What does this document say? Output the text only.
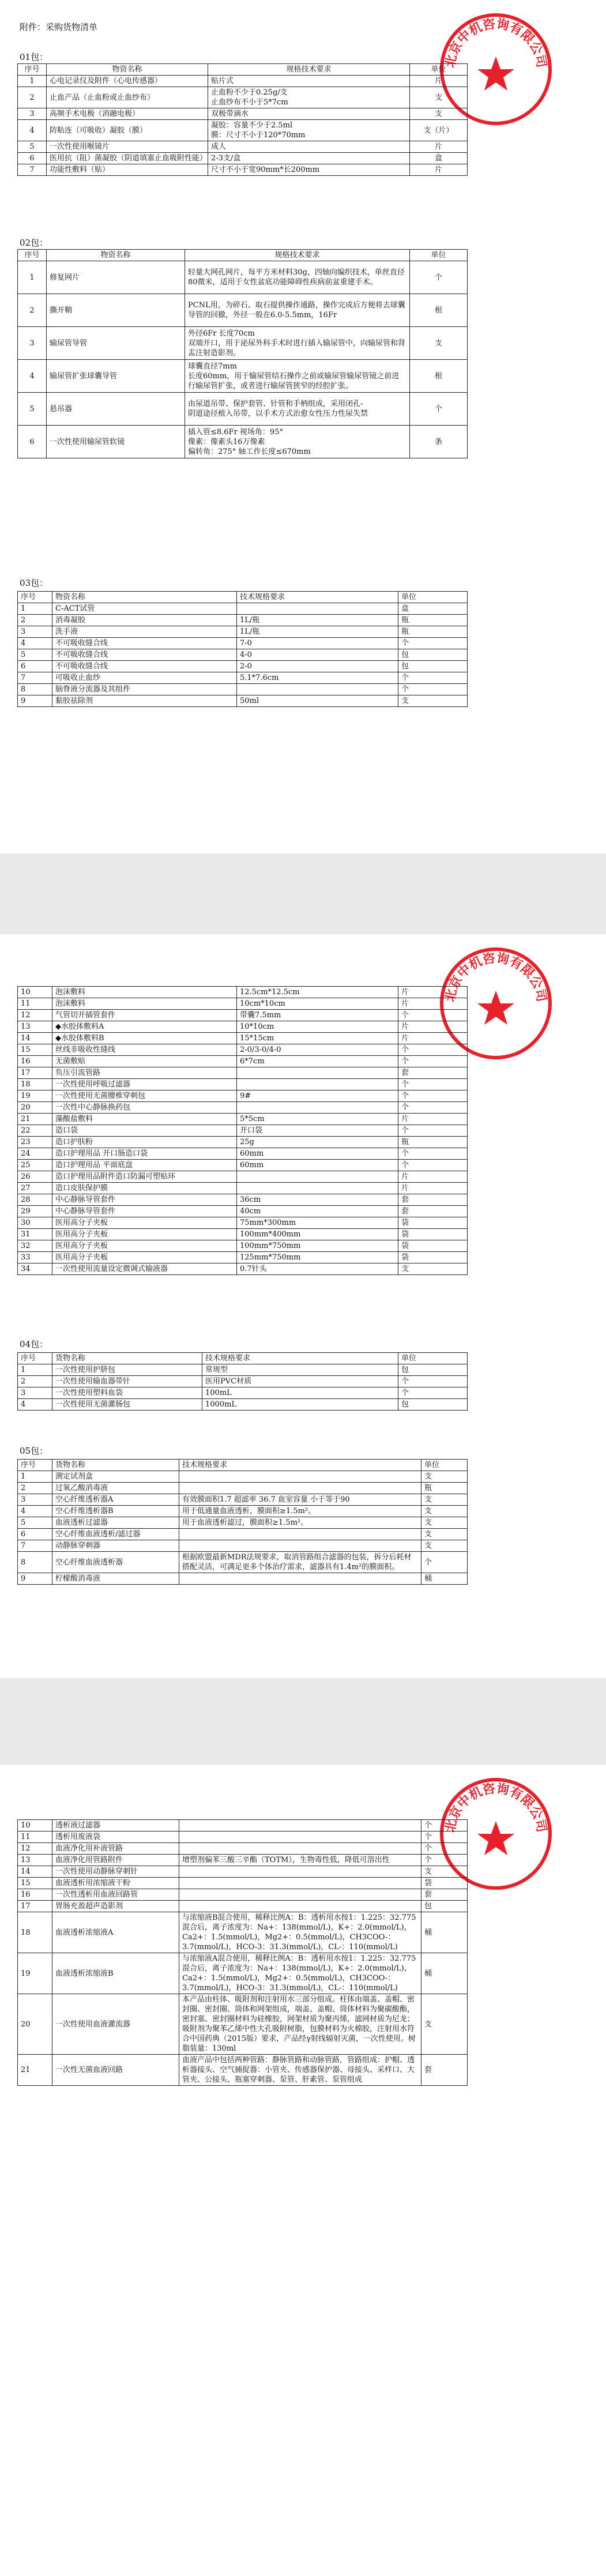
附件：采购货物清单
北京中机咨询有限公司
01包：
序号	物资名称	规格技术要求	单位
1	心电记录仪及附件（心电传感器）	贴片式	片
2	止血产品（止血粉或止血纱布）	止血粉不少于0.25g/支
止血纱布不小于5*7cm	支
3	高频手术电极（消融电极）	双极带滴水	支
4	防粘连（可吸收）凝胶（膜）	凝胶：容量不少于2.5ml
膜：尺寸不小于120*70mm	支（片）
5	一次性使用喉镜片	成人	片
6	医用抗（阻）菌凝胶（阴道填塞止血吸附性能）	2-3支/盒	盒
7	功能性敷料（贴）	尺寸不小于宽90mm*长200mm	片
02包：
序号	物资名称	规格技术要求	单位
1	修复网片	轻量大网孔网片，每平方米材料30g，四轴向编织技术，单丝直径80微米，适用于女性盆底功能障碍性疾病前盆重建手术。	个
2	撕开鞘	PCNL用，为碎石、取石提供操作通路，操作完成后方便将去球囊导管的回撤，外径一般在6.0-5.5mm，16Fr	根
3	输尿管导管	外径6Fr 长度70cm
双端开口，用于泌尿外科手术时进行插入输尿管中，向输尿管和肾盂注射造影剂。	支
4	输尿管扩张球囊导管	球囊直径7mm
长度60mm，用于输尿管结石操作之前或输尿管输尿管镜之前进行输尿管扩张，或者进行输尿管狭窄的经腔扩张。	根
5	悬吊器	由尿道吊带、保护套管、针管和手柄组成，采用闭孔-
阴道途径植入吊带，以手术方式治愈女性压力性尿失禁	个
6	一次性使用输尿管软镜	插入管≤8.6Fr 视场角：95°
像素：像素头16万像素
偏转角：275° 轴工作长度≤670mm	条
03包：
序号	物资名称	技术规格要求	单位
1	C-ACT试管		盒
2	消毒凝胶	1L/瓶	瓶
3	洗手液	1L/瓶	瓶
4	不可吸收缝合线	7-0	个
5	不可吸收缝合线	4-0	包
6	不可吸收缝合线	2-0	包
7	可吸收止血纱	5.1*7.6cm	个
8	脑脊液分流器及其组件		个
9	黏胶祛除剂	50ml	支
北京中机咨询有限公司
10	泡沫敷料	12.5cm*12.5cm	片
11	泡沫敷料	10cm*10cm	片
12	气管切开插管套件	带囊7.5mm	个
13	◆水胶体敷料A	10*10cm	片
14	◆水胶体敷料B	15*15cm	片
15	丝线非吸收性缝线	2-0/3-0/4-0	个
16	无菌敷贴	6*7cm	个
17	负压引流管路		套
18	一次性使用呼吸过滤器		个
19	一次性使用无菌腰椎穿刺包	9#	个
20	一次性中心静脉换药包		个
21	藻酸盐敷料	5*5cm	片
22	造口袋	开口袋	个
23	造口护肤粉	25g	瓶
24	造口护理用品 开口肠造口袋	60mm	个
25	造口护理用品 平面底盘	60mm	个
26	造口护理用品附件造口防漏可塑贴环		片
27	造口皮肤保护膜		片
28	中心静脉导管套件	36cm	套
29	中心静脉导管套件	40cm	套
30	医用高分子夹板	75mm*300mm	袋
31	医用高分子夹板	100mm*400mm	袋
32	医用高分子夹板	100mm*750mm	袋
33	医用高分子夹板	125mm*750mm	袋
34	一次性使用流量设定微调式输液器	0.7针头	支
04包：
序号	货物名称	技术规格要求	单位
1	一次性使用护脐包	常规型	包
2	一次性使用输血器带针	医用PVC材质	个
3	一次性使用塑料血袋	100mL	个
4	一次性使用无菌灌肠包	1000mL	包
05包：
序号	货物名称	技术规格要求	单位
1	测定试剂盒		支
2	过氧乙酸消毒液		瓶
3	空心纤维透析器A	有效膜面积1.7 超滤率 36.7 血室容量 小于等于90	支
4	空心纤维透析器B	用于低通量血液透析，膜面积≥1.5m²。	支
5	血液透析过滤器	用于血液透析滤过，膜面积≥1.5m²。	支
6	空心纤维血液透析/滤过器		支
7	动静脉穿刺器		支
8	空心纤维血液透析器	根据欧盟最新MDR法规要求，取消管路组合滤器的包装，拆分后耗材搭配灵活，可满足更多个体治疗需求，滤器具有1.4m²的膜面积。	个
9	柠檬酸消毒液		桶
北京中机咨询有限公司
10	透析液过滤器		个
11	透析用废液袋		个
12	血液净化用补液管路		个
13	血液净化用管路附件	增塑剂偏苯三酸三辛酯（TOTM），生物毒性低，降低可溶出性	个
14	一次性使用动静脉穿刺针		支
15	血液透析用浓缩液干粉		袋
16	一次性透析用血液回路管		套
17	胃肠充盈超声造影剂		包
18	血液透析浓缩液A	与浓缩液B混合使用，稀释比例A：B：透析用水按1：1.225：32.775混合后，离子浓度为：Na+：138(mmol/L)，K+：2.0(mmol/L)，Ca2+：1.5(mmol/L)，Mg2+：0.5(mmol/L)，CH3COO-：3.7(mmol/L)，HCO-3：31.3(mmol/L)，CL-：110(mmol/L)	桶
19	血液透析浓缩液B	与浓缩液A混合使用，稀释比例A：B：透析用水按1：1.225：32.775混合后，离子浓度为：Na+：138(mmol/L)，K+：2.0(mmol/L)，Ca2+：1.5(mmol/L)，Mg2+：0.5(mmol/L)，CH3COO-：3.7(mmol/L)，HCO-3：31.3(mmol/L)，CL-：110(mmol/L)	桶
20	一次性使用血液灌流器	本产品由柱体、吸附剂和注射用水三部分组成。柱体由端盖、盖帽、密封圈、密封圈、筒体和网架组成，端盖、盖帽、筒体材料为聚碳酸酯，密封塞、密封圈材料为硅橡胶，网架材质为聚丙烯，滤网材质为尼龙；吸附剂为聚苯乙烯中性大孔吸附树脂，包膜材料为火棉胶，注射用水符合中国药典（2015版）要求，产品经γ射线辐射灭菌，一次性使用。树脂装量：130ml	支
21	一次性无菌血液回路	血液产品中包括两种管路：静脉管路和动脉管路，管路组成：护帽、透析器接头、空气捕捉器：小管夹、传感器保护器、母接头、采样口、大管夹、公接头、瓶塞穿刺器、泵管、肝素管、泵管组成	套
